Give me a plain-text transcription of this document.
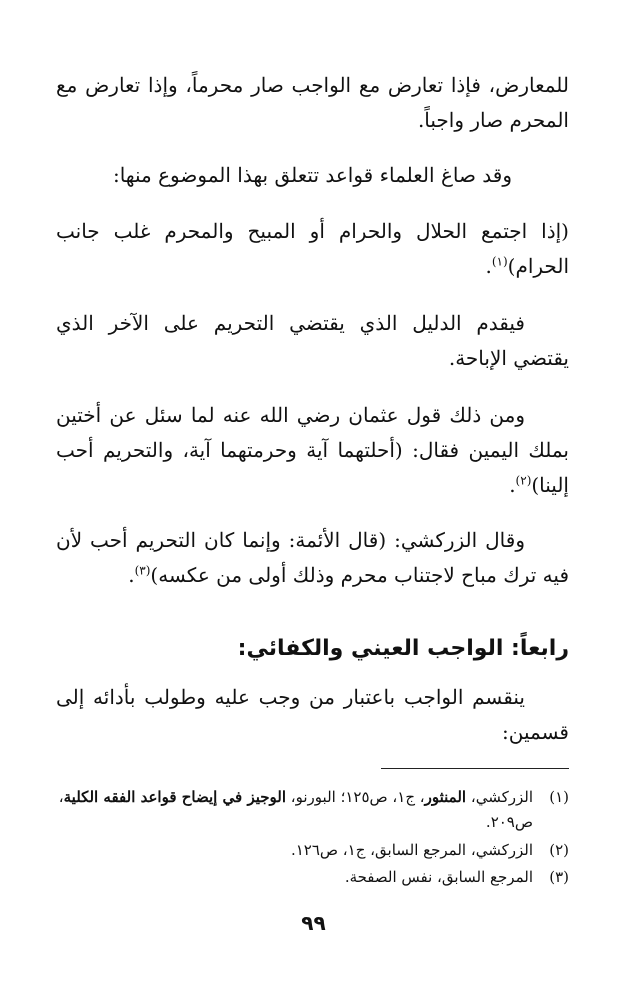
للمعارض، فإذا تعارض مع الواجب صار محرماً، وإذا تعارض مع المحرم صار واجباً.
وقد صاغ العلماء قواعد تتعلق بهذا الموضوع منها:
(إذا اجتمع الحلال والحرام أو المبيح والمحرم غلب جانب الحرام)$^{(١)}$.
فيقدم الدليل الذي يقتضي التحريم على الآخر الذي يقتضي الإباحة.
ومن ذلك قول عثمان رضي الله عنه لما سئل عن أختين بملك اليمين فقال: (أحلتهما آية وحرمتهما آية، والتحريم أحب إلينا)$^{(٢)}$.
وقال الزركشي: (قال الأئمة: وإنما كان التحريم أحب لأن فيه ترك مباح لاجتناب محرم وذلك أولى من عكسه)$^{(٣)}$.
رابعاً: الواجب العيني والكفائي:
ينقسم الواجب باعتبار من وجب عليه وطولب بأدائه إلى قسمين:
(١)
الزركشي، المنثور، ج١، ص١٢٥؛ البورنو، الوجيز في إيضاح قواعد الفقه الكلية، ص٢٠٩.
(٢)
الزركشي، المرجع السابق، ج١، ص١٢٦.
(٣)
المرجع السابق، نفس الصفحة.
٩٩
